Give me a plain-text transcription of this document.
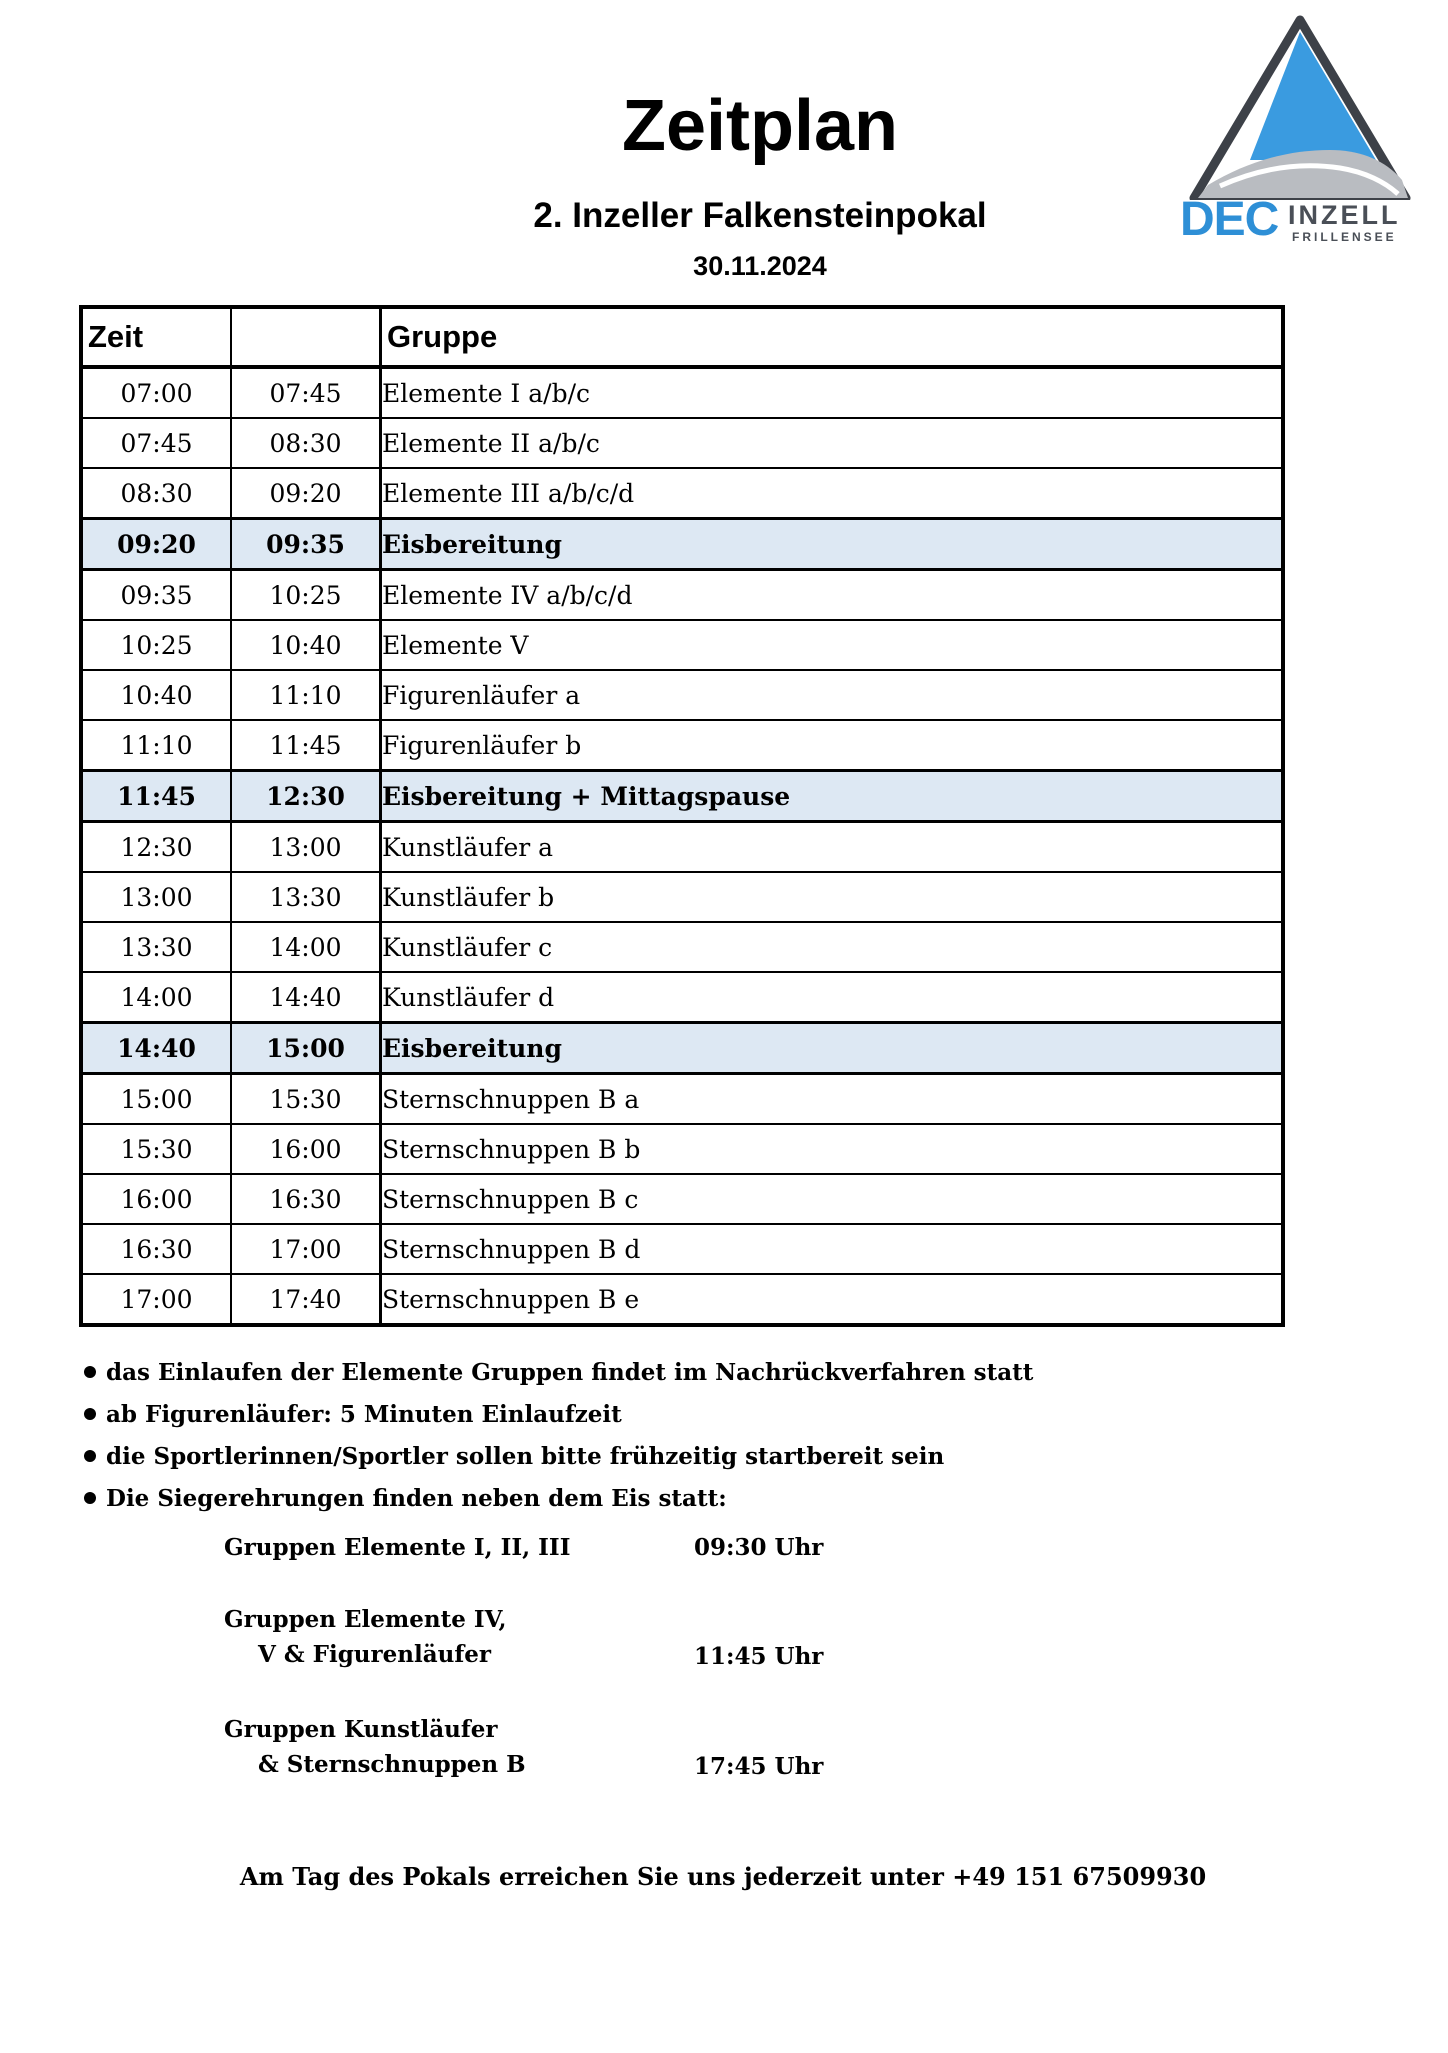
Zeitplan
2. Inzeller Falkensteinpokal
30.11.2024
DEC INZELL
FRILLENSEE
Zeit		Gruppe
07:00	07:45	Elemente I a/b/c
07:45	08:30	Elemente II a/b/c
08:30	09:20	Elemente III a/b/c/d
09:20	09:35	Eisbereitung
09:35	10:25	Elemente IV a/b/c/d
10:25	10:40	Elemente V
10:40	11:10	Figurenläufer a
11:10	11:45	Figurenläufer b
11:45	12:30	Eisbereitung + Mittagspause
12:30	13:00	Kunstläufer a
13:00	13:30	Kunstläufer b
13:30	14:00	Kunstläufer c
14:00	14:40	Kunstläufer d
14:40	15:00	Eisbereitung
15:00	15:30	Sternschnuppen B a
15:30	16:00	Sternschnuppen B b
16:00	16:30	Sternschnuppen B c
16:30	17:00	Sternschnuppen B d
17:00	17:40	Sternschnuppen B e
das Einlaufen der Elemente Gruppen findet im Nachrückverfahren statt
ab Figurenläufer: 5 Minuten Einlaufzeit
die Sportlerinnen/Sportler sollen bitte frühzeitig startbereit sein
Die Siegerehrungen finden neben dem Eis statt:
Gruppen Elemente I, II, III	09:30 Uhr
Gruppen Elemente IV,
V & Figurenläufer	11:45 Uhr
Gruppen Kunstläufer
& Sternschnuppen B	17:45 Uhr
Am Tag des Pokals erreichen Sie uns jederzeit unter +49 151 67509930
